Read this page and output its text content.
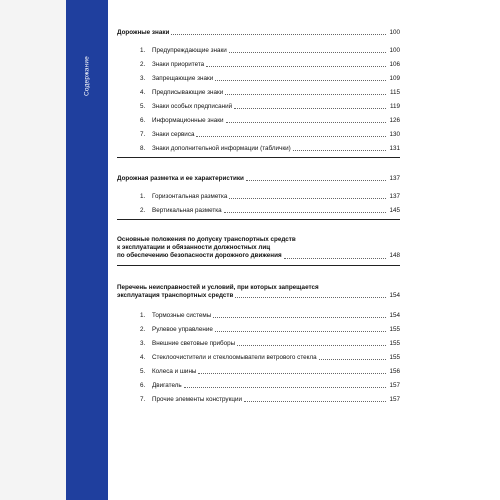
Содержание
Дорожные знаки	100
1.	Предупреждающие знаки	100
2.	Знаки приоритета	106
3.	Запрещающие знаки	109
4.	Предписывающие знаки	115
5.	Знаки особых предписаний	119
6.	Информационные знаки	126
7.	Знаки сервиса	130
8.	Знаки дополнительной информации (таблички)	131
Дорожная разметка и ее характеристики	137
1.	Горизонтальная разметка	137
2.	Вертикальная разметка	145
Основные положения по допуску транспортных средств
к эксплуатации и обязанности должностных лиц
по обеспечению безопасности дорожного движения	148
Перечень неисправностей и условий, при которых запрещается
эксплуатация транспортных средств	154
1.	Тормозные системы	154
2.	Рулевое управление	155
3.	Внешние световые приборы	155
4.	Стеклоочистители и стеклоомыватели ветрового стекла	155
5.	Колеса и шины	156
6.	Двигатель	157
7.	Прочие элементы конструкции	157
